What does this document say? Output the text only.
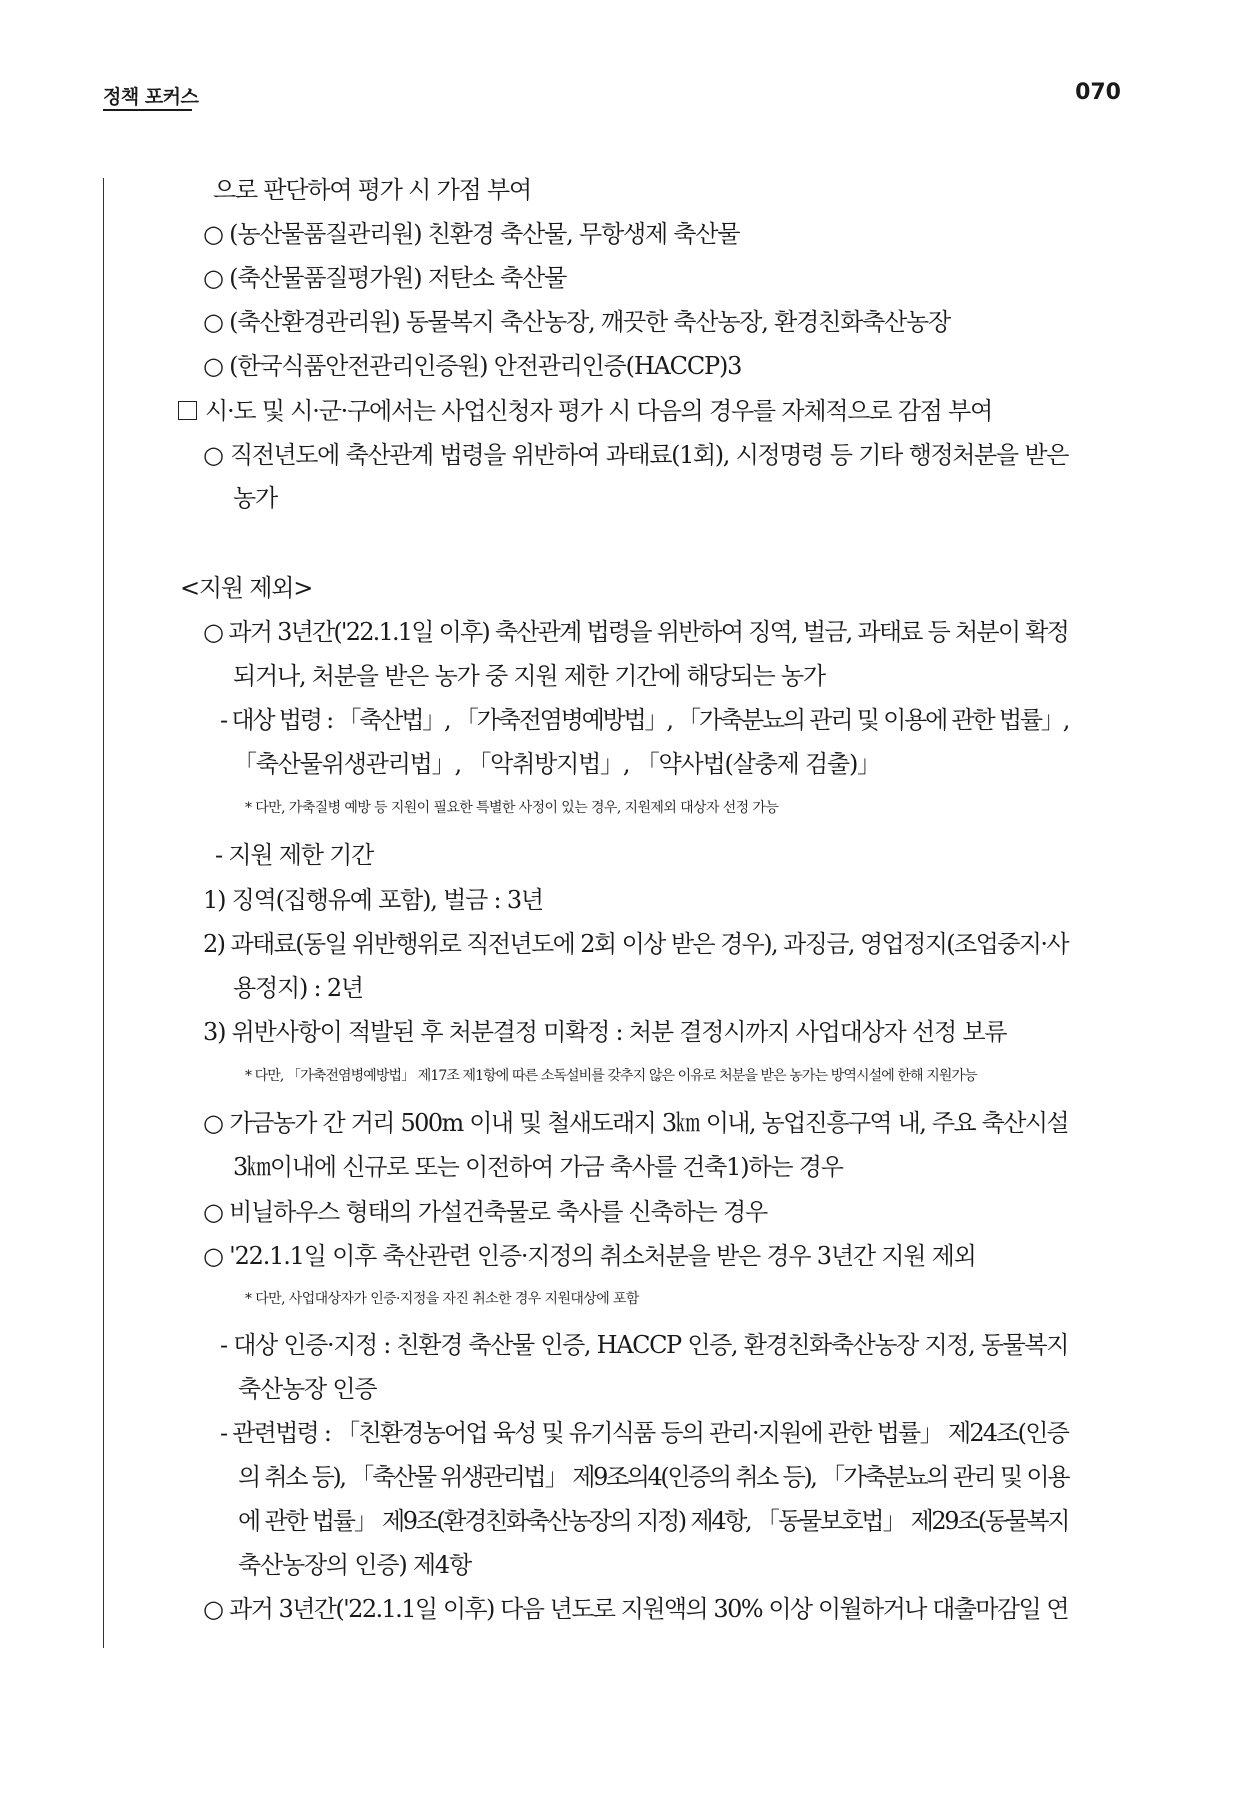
정책 포커스	070
으로 판단하여 평가 시 가점 부여
○ (농산물품질관리원) 친환경 축산물, 무항생제 축산물
○ (축산물품질평가원) 저탄소 축산물
○ (축산환경관리원) 동물복지 축산농장, 깨끗한 축산농장, 환경친화축산농장
○ (한국식품안전관리인증원) 안전관리인증(HACCP)3
시·도 및 시·군·구에서는 사업신청자 평가 시 다음의 경우를 자체적으로 감점 부여
○ 직전년도에 축산관계 법령을 위반하여 과태료(1회), 시정명령 등 기타 행정처분을 받은
농가
<지원 제외>
○ 과거 3년간('22.1.1일 이후) 축산관계 법령을 위반하여 징역, 벌금, 과태료 등 처분이 확정
되거나, 처분을 받은 농가 중 지원 제한 기간에 해당되는 농가
- 대상 법령 : 「축산법」, 「가축전염병예방법」, 「가축분뇨의 관리 및 이용에 관한 법률」,
「축산물위생관리법」, 「악취방지법」, 「약사법(살충제 검출)」
* 다만, 가축질병 예방 등 지원이 필요한 특별한 사정이 있는 경우, 지원제외 대상자 선정 가능
- 지원 제한 기간
1) 징역(집행유예 포함), 벌금 : 3년
2) 과태료(동일 위반행위로 직전년도에 2회 이상 받은 경우), 과징금, 영업정지(조업중지·사
용정지) : 2년
3) 위반사항이 적발된 후 처분결정 미확정 : 처분 결정시까지 사업대상자 선정 보류
* 다만, 「가축전염병예방법」 제17조 제1항에 따른 소독설비를 갖추지 않은 이유로 처분을 받은 농가는 방역시설에 한해 지원가능
○ 가금농가 간 거리 500m 이내 및 철새도래지 3㎞ 이내, 농업진흥구역 내, 주요 축산시설
3㎞이내에 신규로 또는 이전하여 가금 축사를 건축1)하는 경우
○ 비닐하우스 형태의 가설건축물로 축사를 신축하는 경우
○ '22.1.1일 이후 축산관련 인증·지정의 취소처분을 받은 경우 3년간 지원 제외
* 다만, 사업대상자가 인증·지정을 자진 취소한 경우 지원대상에 포함
- 대상 인증·지정 : 친환경 축산물 인증, HACCP 인증, 환경친화축산농장 지정, 동물복지
축산농장 인증
- 관련법령 : 「친환경농어업 육성 및 유기식품 등의 관리·지원에 관한 법률」 제24조(인증
의 취소 등), 「축산물 위생관리법」 제9조의4(인증의 취소 등), 「가축분뇨의 관리 및 이용
에 관한 법률」 제9조(환경친화축산농장의 지정) 제4항, 「동물보호법」 제29조(동물복지
축산농장의 인증) 제4항
○ 과거 3년간('22.1.1일 이후) 다음 년도로 지원액의 30% 이상 이월하거나 대출마감일 연
